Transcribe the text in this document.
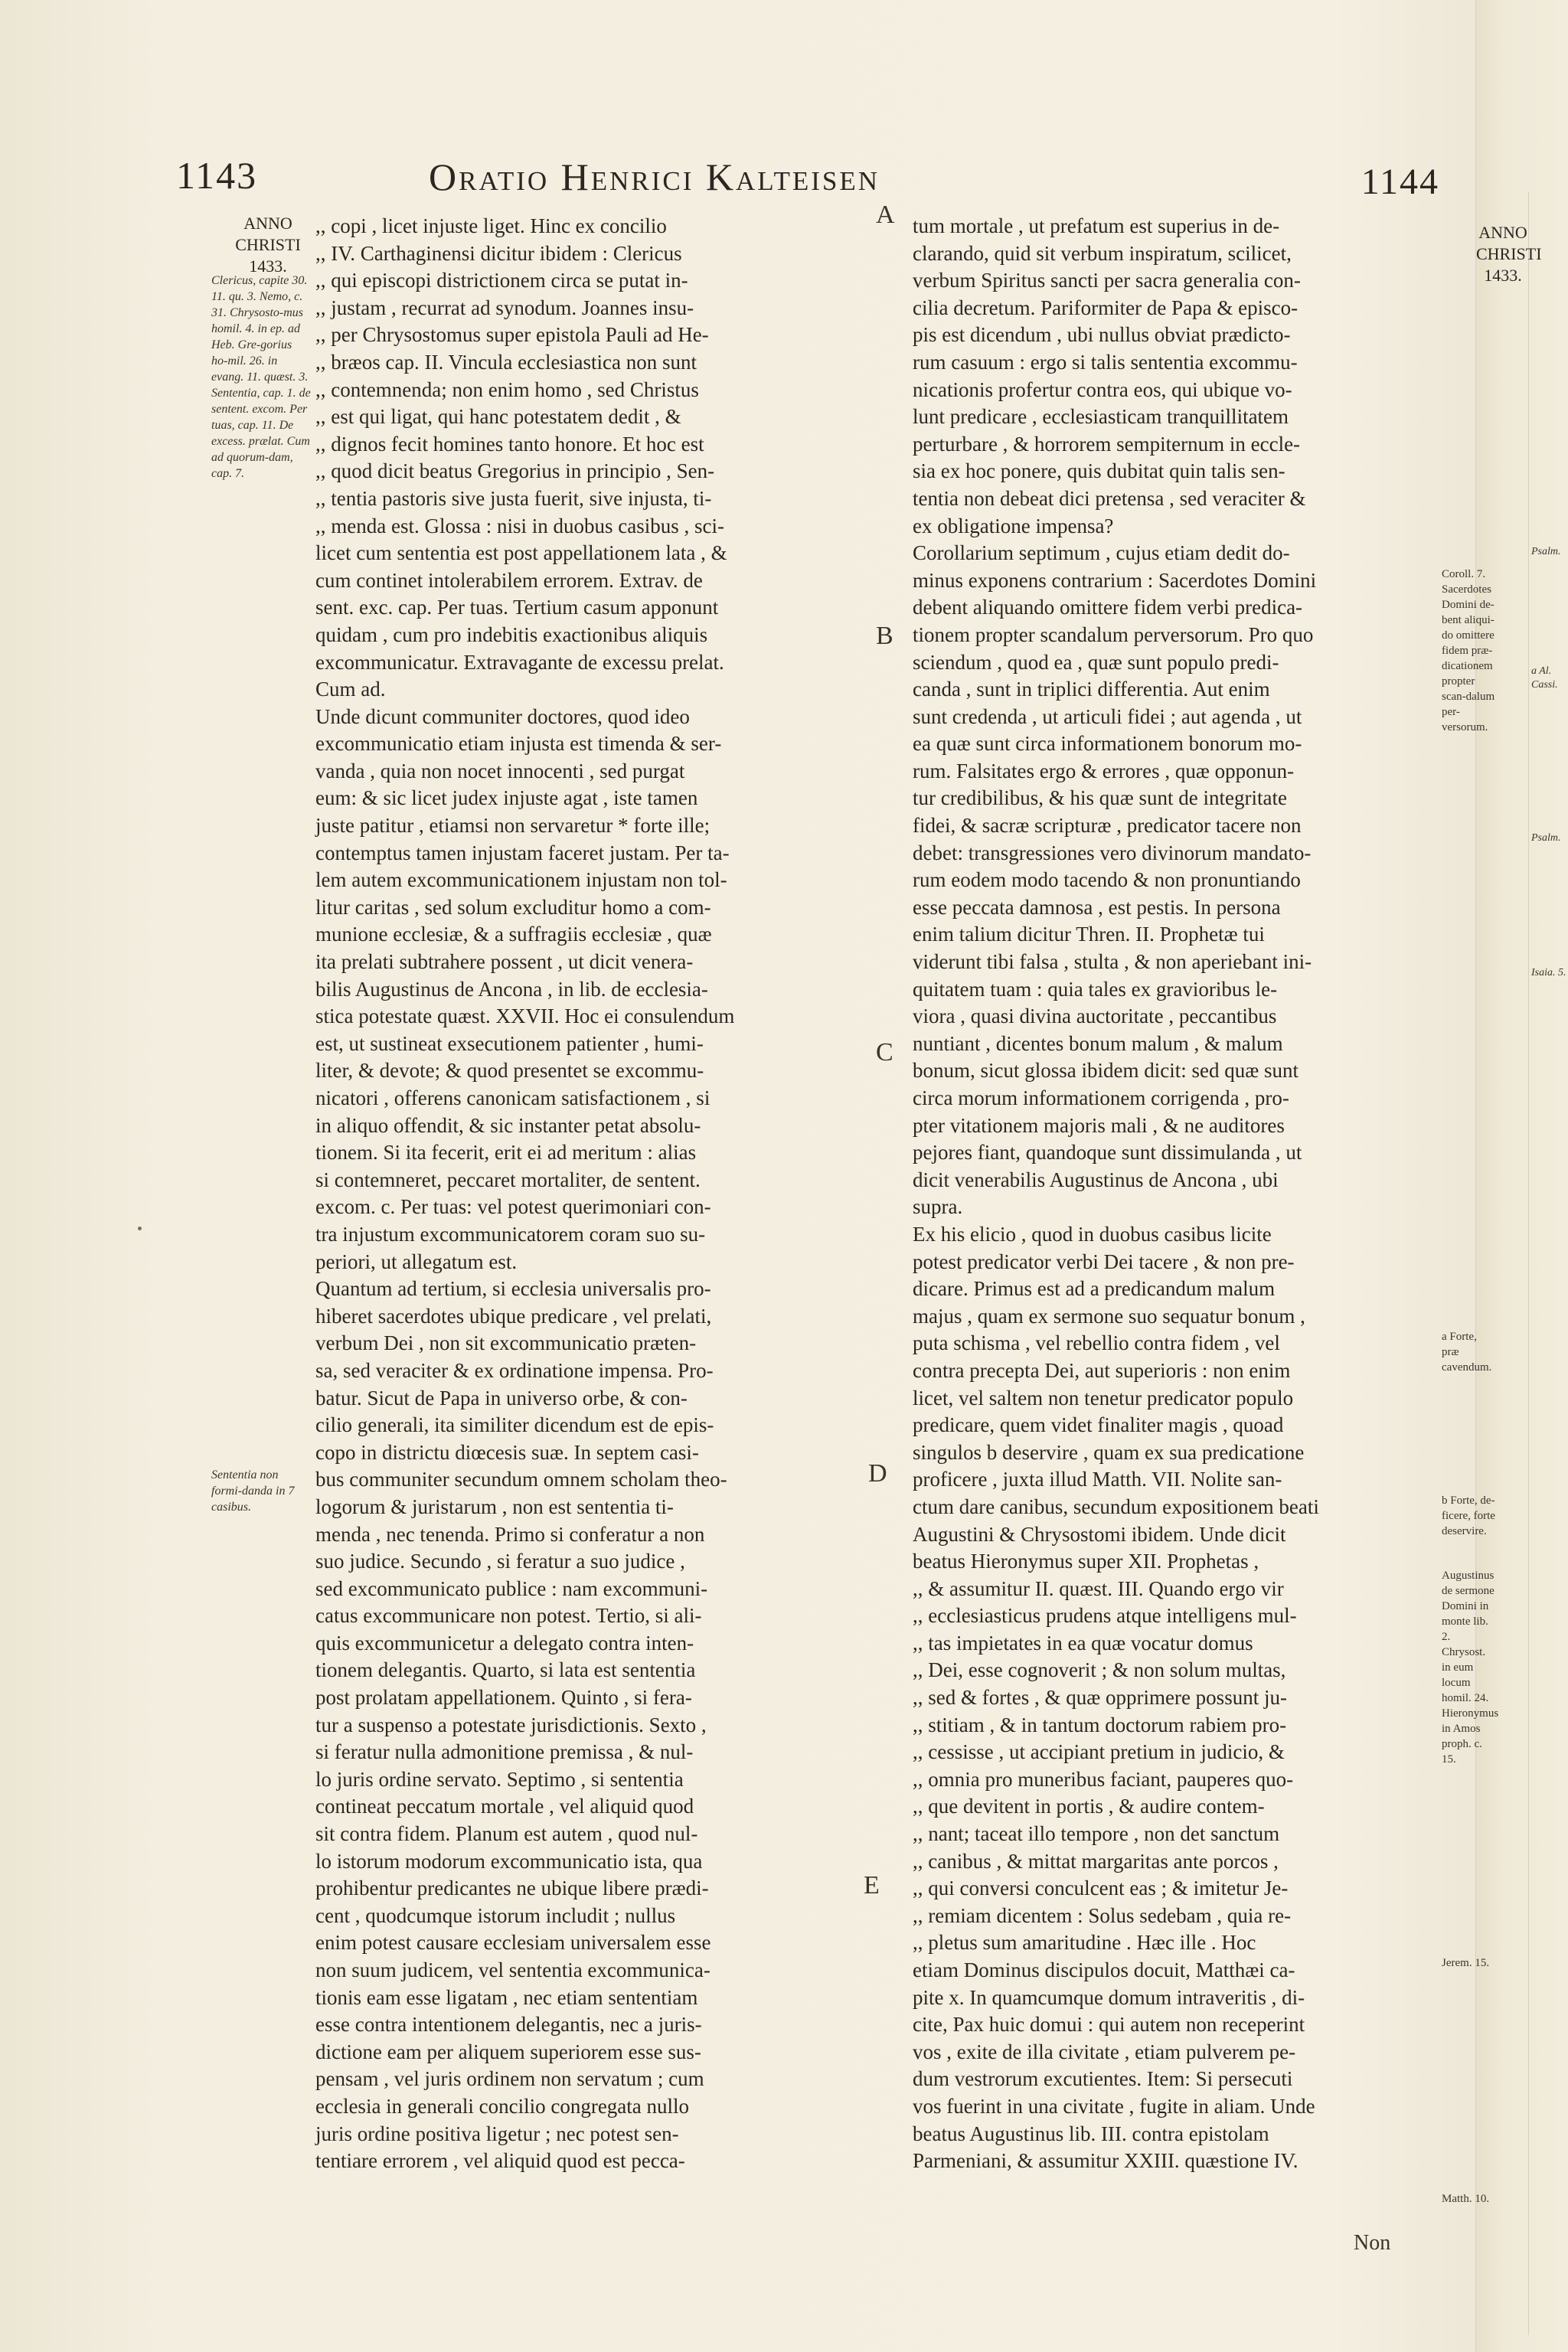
1143	Oratio Henrici Kalteisen	1144
ANNO CHRISTI 1433.
ANNO CHRISTI 1433.
Clericus, capite 30. 11. qu. 3. Nemo, c. 31. Chrysosto-mus homil. 4. in ep. ad Heb. Gre-gorius ho-mil. 26. in evang. 11. quæst. 3. Sententia, cap. 1. de sentent. excom. Per tuas, cap. 11. De excess. prælat. Cum ad quorum-dam, cap. 7.
Sententia non formi-danda in 7 casibus.
Coroll. 7. Sacerdotes Domini de-bent aliqui-do omittere fidem præ-dicationem propter scan-dalum per-versorum.
a Forte, præ cavendum.
b Forte, de-ficere, forte deservire.
Augustinus de sermone Domini in monte lib. 2. Chrysost. in eum locum homil. 24. Hieronymus in Amos proph. c. 15.
Jerem. 15.
Matth. 10.
Psalm.
a Al. Cassi.
Psalm.
Isaia. 5.
A
B
C
D
E
,, copi , licet injuste liget. Hinc ex concilio
,, IV. Carthaginensi dicitur ibidem : Clericus
,, qui episcopi districtionem circa se putat in-
,, justam , recurrat ad synodum. Joannes insu-
,, per Chrysostomus super epistola Pauli ad He-
,, bræos cap. II. Vincula ecclesiastica non sunt
,, contemnenda; non enim homo , sed Christus
,, est qui ligat, qui hanc potestatem dedit , &
,, dignos fecit homines tanto honore. Et hoc est
,, quod dicit beatus Gregorius in principio , Sen-
,, tentia pastoris sive justa fuerit, sive injusta, ti-
,, menda est. Glossa : nisi in duobus casibus , sci-
licet cum sententia est post appellationem lata , &
cum continet intolerabilem errorem. Extrav. de
sent. exc. cap. Per tuas. Tertium casum apponunt
quidam , cum pro indebitis exactionibus aliquis
excommunicatur. Extravagante de excessu prelat.
Cum ad.
Unde dicunt communiter doctores, quod ideo
excommunicatio etiam injusta est timenda & ser-
vanda , quia non nocet innocenti , sed purgat
eum: & sic licet judex injuste agat , iste tamen
juste patitur , etiamsi non servaretur * forte ille;
contemptus tamen injustam faceret justam. Per ta-
lem autem excommunicationem injustam non tol-
litur caritas , sed solum excluditur homo a com-
munione ecclesiæ, & a suffragiis ecclesiæ , quæ
ita prelati subtrahere possent , ut dicit venera-
bilis Augustinus de Ancona , in lib. de ecclesia-
stica potestate quæst. XXVII. Hoc ei consulendum
est, ut sustineat exsecutionem patienter , humi-
liter, & devote; & quod presentet se excommu-
nicatori , offerens canonicam satisfactionem , si
in aliquo offendit, & sic instanter petat absolu-
tionem. Si ita fecerit, erit ei ad meritum : alias
si contemneret, peccaret mortaliter, de sentent.
excom. c. Per tuas: vel potest querimoniari con-
tra injustum excommunicatorem coram suo su-
periori, ut allegatum est.
Quantum ad tertium, si ecclesia universalis pro-
hiberet sacerdotes ubique predicare , vel prelati,
verbum Dei , non sit excommunicatio præten-
sa, sed veraciter & ex ordinatione impensa. Pro-
batur. Sicut de Papa in universo orbe, & con-
cilio generali, ita similiter dicendum est de epis-
copo in districtu diœcesis suæ. In septem casi-
bus communiter secundum omnem scholam theo-
logorum & juristarum , non est sententia ti-
menda , nec tenenda. Primo si conferatur a non
suo judice. Secundo , si feratur a suo judice ,
sed excommunicato publice : nam excommuni-
catus excommunicare non potest. Tertio, si ali-
quis excommunicetur a delegato contra inten-
tionem delegantis. Quarto, si lata est sententia
post prolatam appellationem. Quinto , si fera-
tur a suspenso a potestate jurisdictionis. Sexto ,
si feratur nulla admonitione premissa , & nul-
lo juris ordine servato. Septimo , si sententia
contineat peccatum mortale , vel aliquid quod
sit contra fidem. Planum est autem , quod nul-
lo istorum modorum excommunicatio ista, qua
prohibentur predicantes ne ubique libere prædi-
cent , quodcumque istorum includit ; nullus
enim potest causare ecclesiam universalem esse
non suum judicem, vel sententia excommunica-
tionis eam esse ligatam , nec etiam sententiam
esse contra intentionem delegantis, nec a juris-
dictione eam per aliquem superiorem esse sus-
pensam , vel juris ordinem non servatum ; cum
ecclesia in generali concilio congregata nullo
juris ordine positiva ligetur ; nec potest sen-
tentiare errorem , vel aliquid quod est pecca-
tum mortale , ut prefatum est superius in de-
clarando, quid sit verbum inspiratum, scilicet,
verbum Spiritus sancti per sacra generalia con-
cilia decretum. Pariformiter de Papa & episco-
pis est dicendum , ubi nullus obviat prædicto-
rum casuum : ergo si talis sententia excommu-
nicationis profertur contra eos, qui ubique vo-
lunt predicare , ecclesiasticam tranquillitatem
perturbare , & horrorem sempiternum in eccle-
sia ex hoc ponere, quis dubitat quin talis sen-
tentia non debeat dici pretensa , sed veraciter &
ex obligatione impensa?
Corollarium septimum , cujus etiam dedit do-
minus exponens contrarium : Sacerdotes Domini
debent aliquando omittere fidem verbi predica-
tionem propter scandalum perversorum. Pro quo
sciendum , quod ea , quæ sunt populo predi-
canda , sunt in triplici differentia. Aut enim
sunt credenda , ut articuli fidei ; aut agenda , ut
ea quæ sunt circa informationem bonorum mo-
rum. Falsitates ergo & errores , quæ opponun-
tur credibilibus, & his quæ sunt de integritate
fidei, & sacræ scripturæ , predicator tacere non
debet: transgressiones vero divinorum mandato-
rum eodem modo tacendo & non pronuntiando
esse peccata damnosa , est pestis. In persona
enim talium dicitur Thren. II. Prophetæ tui
viderunt tibi falsa , stulta , & non aperiebant ini-
quitatem tuam : quia tales ex gravioribus le-
viora , quasi divina auctoritate , peccantibus
nuntiant , dicentes bonum malum , & malum
bonum, sicut glossa ibidem dicit: sed quæ sunt
circa morum informationem corrigenda , pro-
pter vitationem majoris mali , & ne auditores
pejores fiant, quandoque sunt dissimulanda , ut
dicit venerabilis Augustinus de Ancona , ubi
supra.
Ex his elicio , quod in duobus casibus licite
potest predicator verbi Dei tacere , & non pre-
dicare. Primus est ad a predicandum malum
majus , quam ex sermone suo sequatur bonum ,
puta schisma , vel rebellio contra fidem , vel
contra precepta Dei, aut superioris : non enim
licet, vel saltem non tenetur predicator populo
predicare, quem videt finaliter magis , quoad
singulos b deservire , quam ex sua predicatione
proficere , juxta illud Matth. VII. Nolite san-
ctum dare canibus, secundum expositionem beati
Augustini & Chrysostomi ibidem. Unde dicit
beatus Hieronymus super XII. Prophetas ,
,, & assumitur II. quæst. III. Quando ergo vir
,, ecclesiasticus prudens atque intelligens mul-
,, tas impietates in ea quæ vocatur domus
,, Dei, esse cognoverit ; & non solum multas,
,, sed & fortes , & quæ opprimere possunt ju-
,, stitiam , & in tantum doctorum rabiem pro-
,, cessisse , ut accipiant pretium in judicio, &
,, omnia pro muneribus faciant, pauperes quo-
,, que devitent in portis , & audire contem-
,, nant; taceat illo tempore , non det sanctum
,, canibus , & mittat margaritas ante porcos ,
,, qui conversi conculcent eas ; & imitetur Je-
,, remiam dicentem : Solus sedebam , quia re-
,, pletus sum amaritudine . Hæc ille . Hoc
etiam Dominus discipulos docuit, Matthæi ca-
pite x. In quamcumque domum intraveritis , di-
cite, Pax huic domui : qui autem non receperint
vos , exite de illa civitate , etiam pulverem pe-
dum vestrorum excutientes. Item: Si persecuti
vos fuerint in una civitate , fugite in aliam. Unde
beatus Augustinus lib. III. contra epistolam
Parmeniani, & assumitur XXIII. quæstione IV.
Non
